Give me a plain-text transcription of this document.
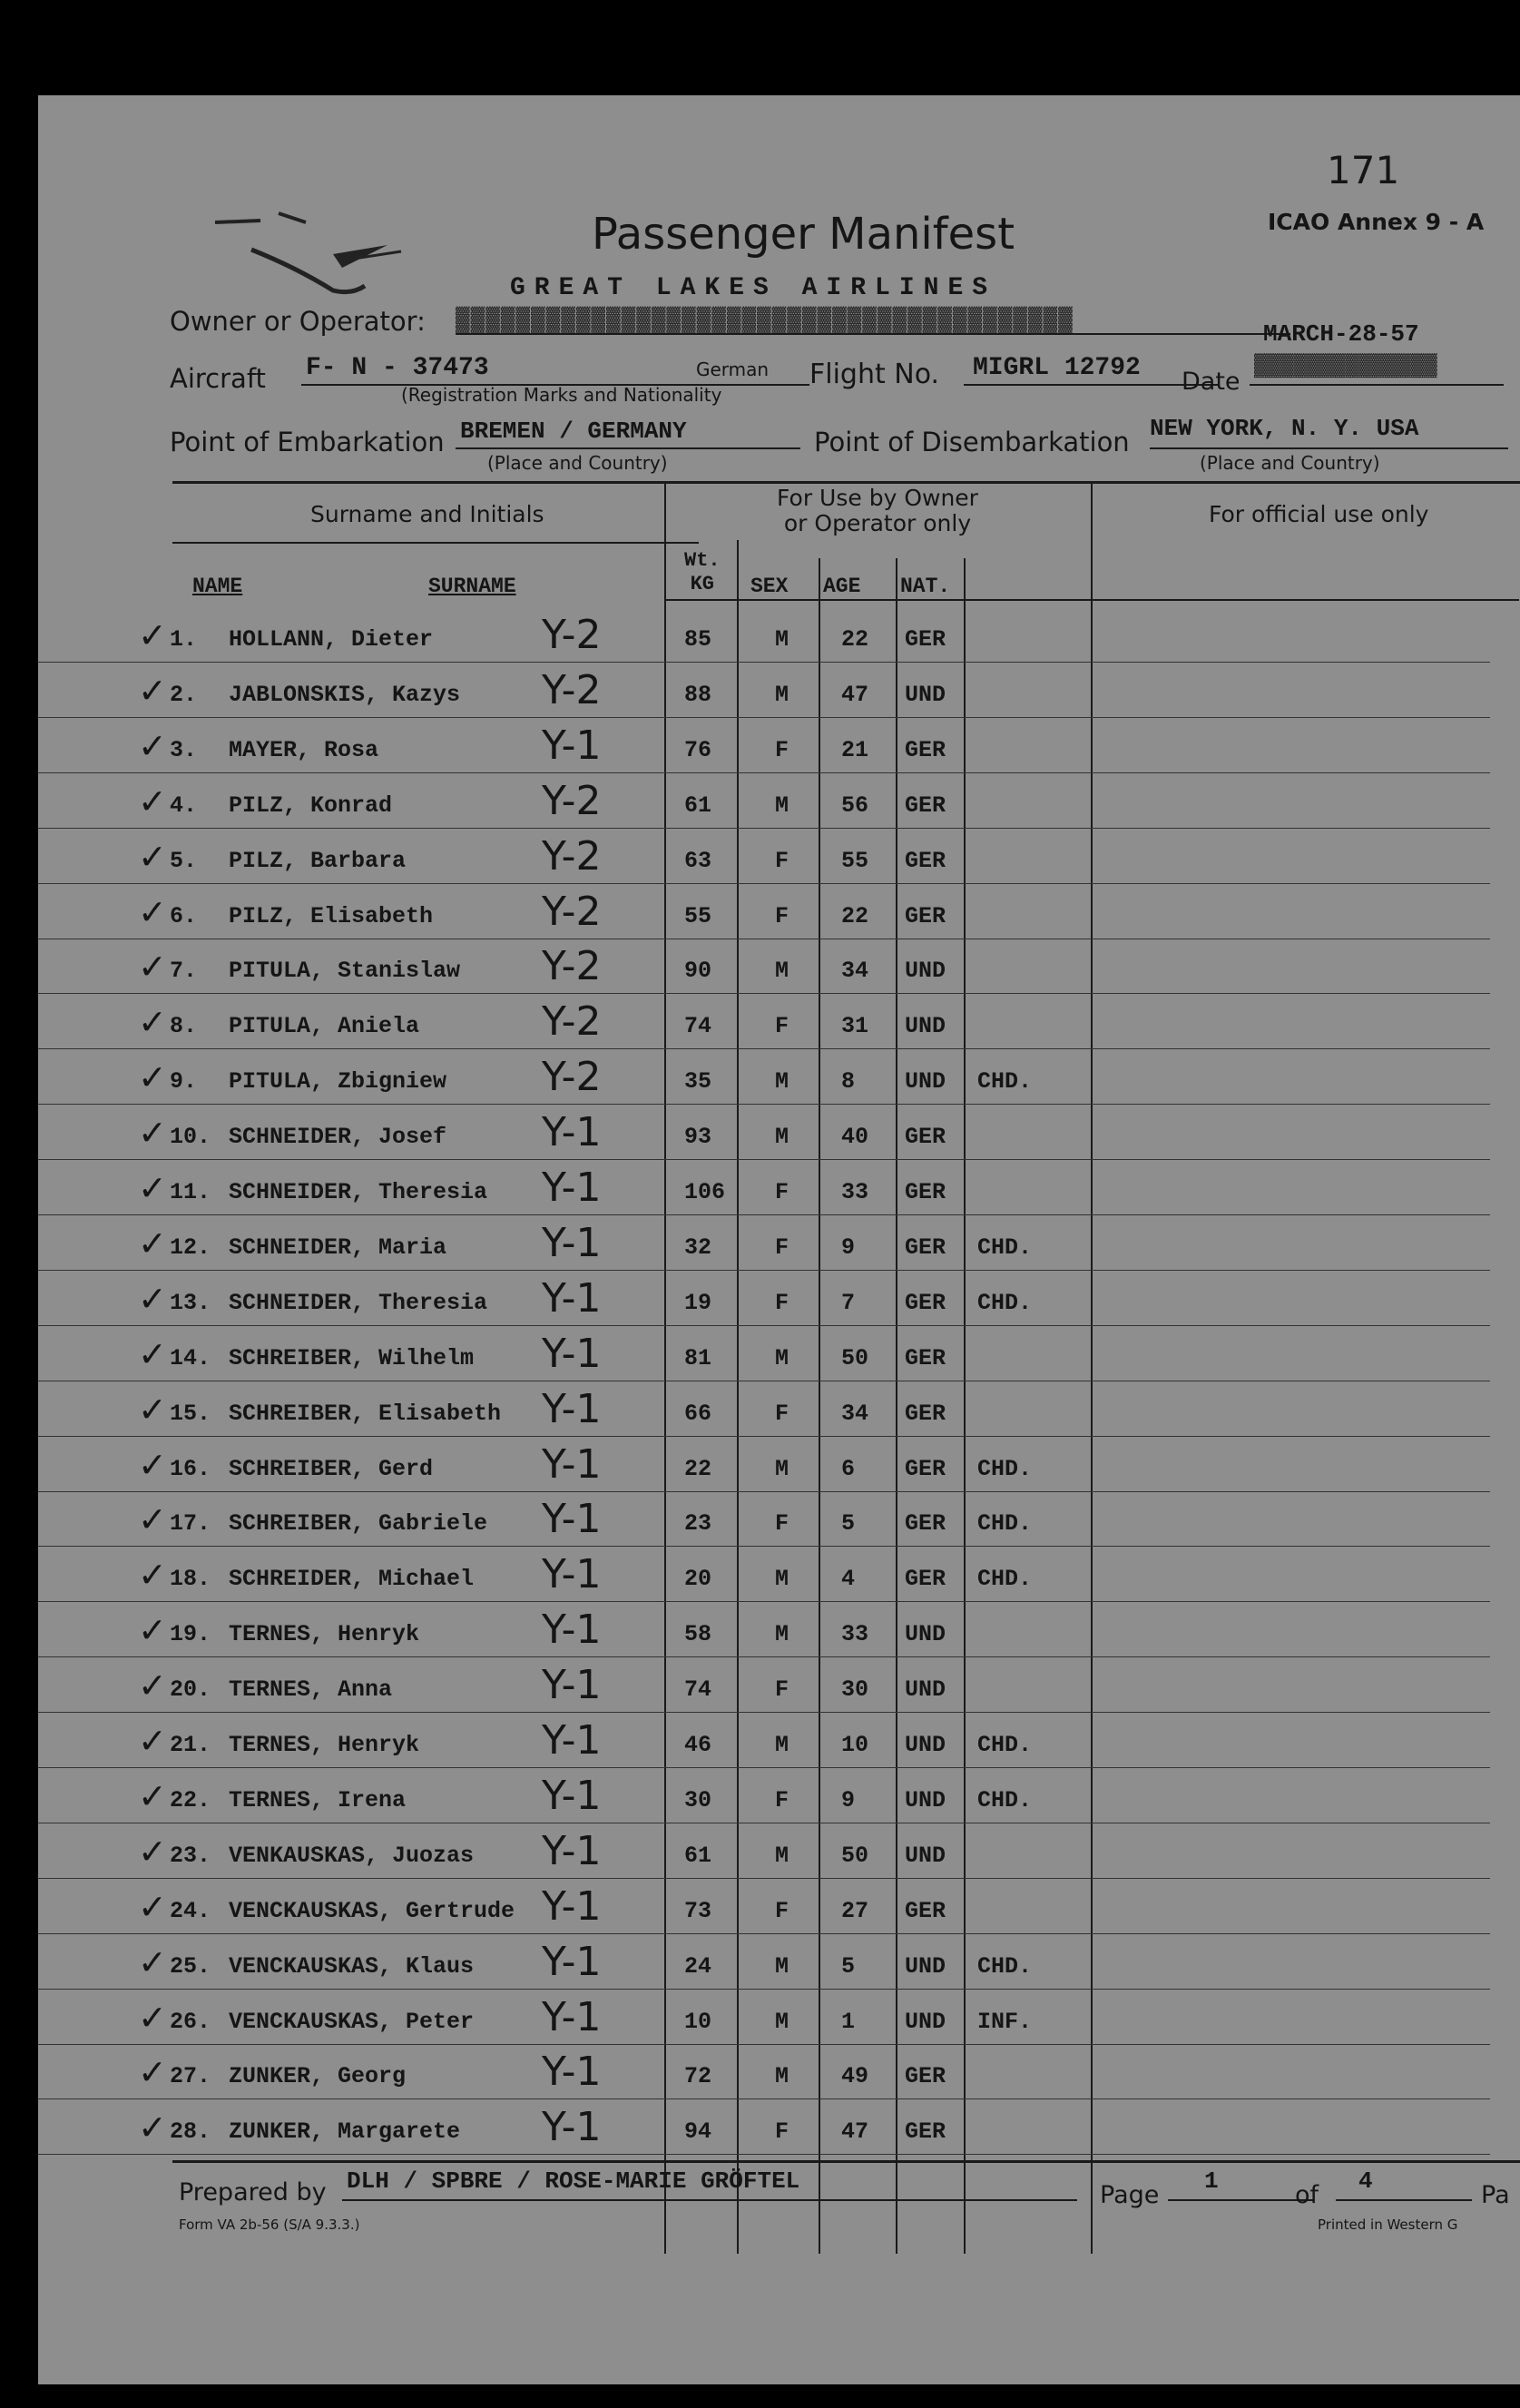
171
ICAO Annex 9 - A
Passenger Manifest
Owner or Operator:
GREAT LAKES AIRLINES
▓▓▓▓▓▓▓▓▓▓▓▓▓▓▓▓▓▓▓▓▓▓▓▓▓▓▓▓▓▓▓▓▓▓▓▓▓▓▓▓▓
Aircraft F- N - 37473	German
(Registration Marks and Nationality
Flight No. MIGRL 12792 Date
MARCH-28-57
▓▓▓▓▓▓▓▓▓▓▓▓▓▓
Point of Embarkation BREMEN / GERMANY
(Place and Country)
Point of Disembarkation NEW YORK, N. Y. USA
(Place and Country)
Surname and Initials
For Use by Owner or Operator only	For official use only
NAME	SURNAME
Wt.
KG SEX AGE NAT.
✓ 1. HOLLANN, Dieter	Y-2	85	M 22 GER
✓ 2. JABLONSKIS, Kazys Y-2	88	M 47 UND
✓ 3. MAYER, Rosa	Y-1	76	F 21 GER
✓ 4. PILZ, Konrad	Y-2	61	M 56 GER
✓ 5. PILZ, Barbara	Y-2	63	F 55 GER
✓ 6. PILZ, Elisabeth	Y-2	55	F 22 GER
✓ 7. PITULA, Stanislaw Y-2	90	M 34 UND
✓ 8. PITULA, Aniela	Y-2	74	F 31 UND
✓ 9. PITULA, Zbigniew Y-2	35	M 8 UND CHD.
✓ 10. SCHNEIDER, Josef Y-1	93	M 40 GER
✓ 11. SCHNEIDER, Theresia Y-1	106 F 33 GER
✓ 12. SCHNEIDER, Maria Y-1	32	F 9 GER CHD.
✓ 13. SCHNEIDER, Theresia Y-1	19	F 7 GER CHD.
✓ 14. SCHREIBER, Wilhelm Y-1	81	M 50 GER
✓ 15. SCHREIBER, Elisabeth Y-1	66	F 34 GER
✓ 16. SCHREIBER, Gerd	Y-1	22	M 6 GER CHD.
✓ 17. SCHREIBER, Gabriele Y-1	23	F 5 GER CHD.
✓ 18. SCHREIDER, Michael Y-1	20	M 4 GER CHD.
✓ 19. TERNES, Henryk	Y-1	58	M 33 UND
✓ 20. TERNES, Anna	Y-1	74	F 30 UND
✓ 21. TERNES, Henryk	Y-1	46	M 10 UND CHD.
✓ 22. TERNES, Irena	Y-1	30	F 9 UND CHD.
✓ 23. VENKAUSKAS, Juozas Y-1	61	M 50 UND
✓ 24. VENCKAUSKAS, Gertrude Y-1	73	F 27 GER
✓ 25. VENCKAUSKAS, Klaus Y-1	24	M 5 UND CHD.
✓ 26. VENCKAUSKAS, Peter Y-1	10	M 1 UND INF.
✓ 27. ZUNKER, Georg	Y-1	72	M 49 GER
✓ 28. ZUNKER, Margarete Y-1	94	F 47 GER
Prepared by DLH / SPBRE / ROSE-MARIE GRÖFTEL	Page 1	of 4	Pa
Form VA 2b-56 (S/A 9.3.3.)	Printed in Western G
